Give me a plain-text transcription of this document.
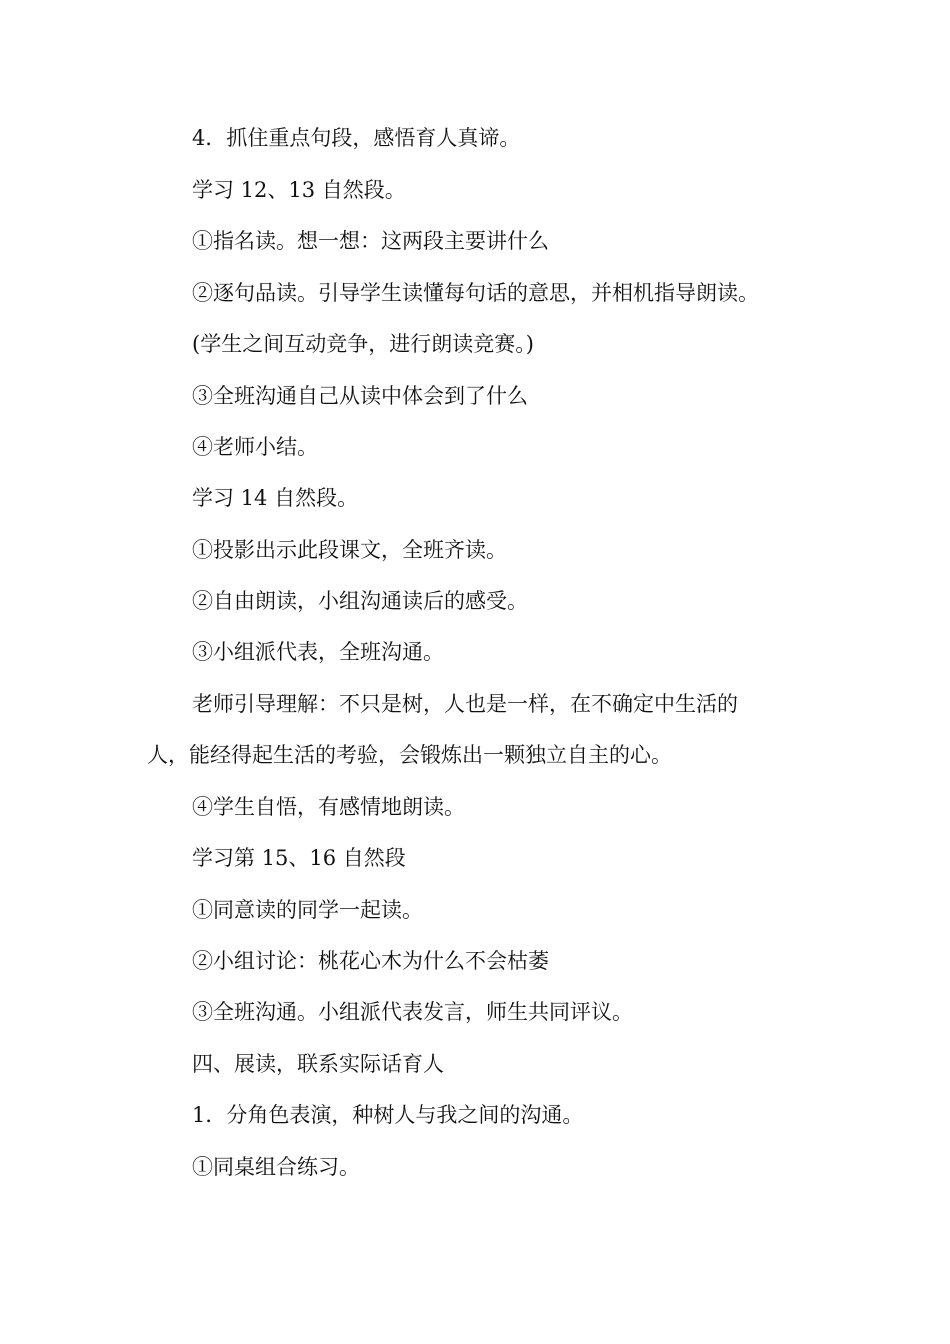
4．抓住重点句段，感悟育人真谛。

学习 12、13 自然段。

①指名读。想一想：这两段主要讲什么

②逐句品读。引导学生读懂每句话的意思，并相机指导朗读。

(学生之间互动竞争，进行朗读竞赛。)

③全班沟通自己从读中体会到了什么

④老师小结。

学习 14 自然段。

①投影出示此段课文，全班齐读。

②自由朗读，小组沟通读后的感受。

③小组派代表，全班沟通。

老师引导理解：不只是树，人也是一样，在不确定中生活的

人，能经得起生活的考验，会锻炼出一颗独立自主的心。

④学生自悟，有感情地朗读。

学习第 15、16 自然段

①同意读的同学一起读。

②小组讨论：桃花心木为什么不会枯萎

③全班沟通。小组派代表发言，师生共同评议。

四、展读，联系实际话育人

1．分角色表演，种树人与我之间的沟通。

①同桌组合练习。
